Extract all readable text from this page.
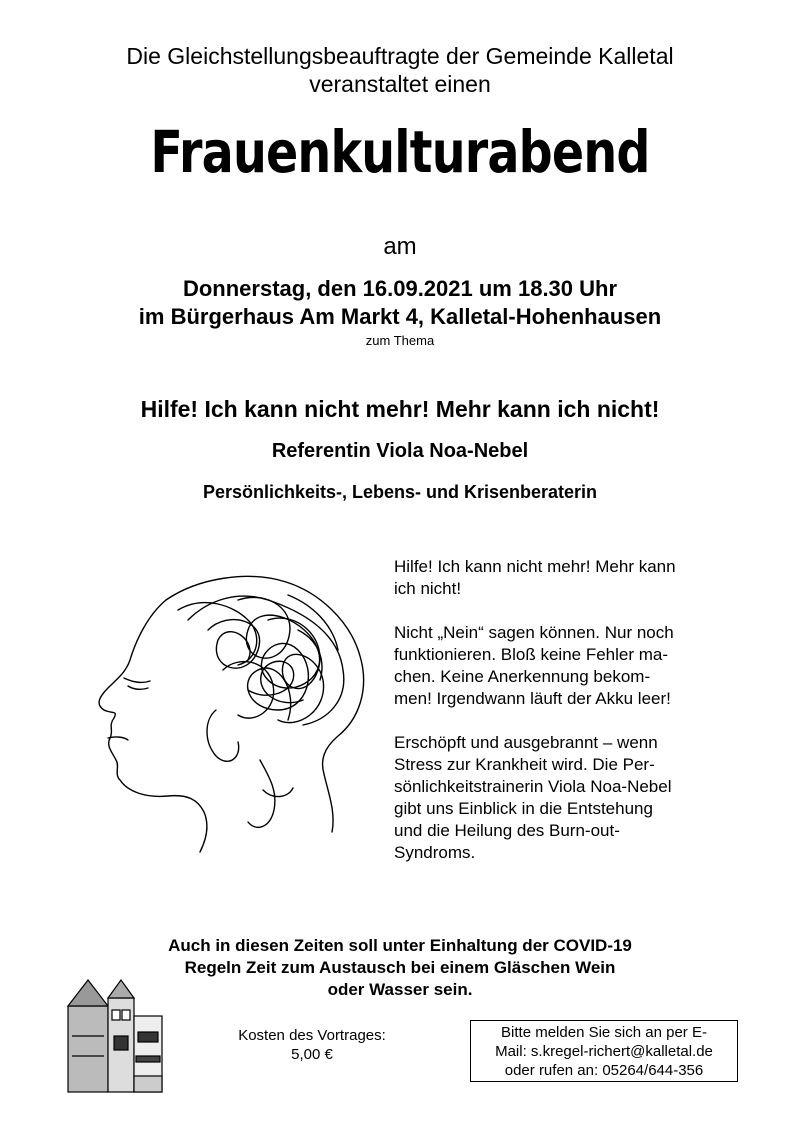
Die Gleichstellungsbeauftragte der Gemeinde Kalletal
veranstaltet einen
Frauenkulturabend
am
Donnerstag, den 16.09.2021 um 18.30 Uhr
im Bürgerhaus Am Markt 4, Kalletal-Hohenhausen
zum Thema
Hilfe! Ich kann nicht mehr! Mehr kann ich nicht!
Referentin Viola Noa-Nebel
Persönlichkeits-, Lebens- und Krisenberaterin

Hilfe! Ich kann nicht mehr! Mehr kann
ich nicht!

Nicht „Nein“ sagen können. Nur noch
funktionieren. Bloß keine Fehler ma-
chen. Keine Anerkennung bekom-
men! Irgendwann läuft der Akku leer!

Erschöpft und ausgebrannt – wenn
Stress zur Krankheit wird. Die Per-
sönlichkeitstrainerin Viola Noa-Nebel
gibt uns Einblick in die Entstehung
und die Heilung des Burn-out-
Syndroms.

Auch in diesen Zeiten soll unter Einhaltung der COVID-19
Regeln Zeit zum Austausch bei einem Gläschen Wein
oder Wasser sein.
Kosten des Vortrages:
5,00 €
Bitte melden Sie sich an per E-
Mail: s.kregel-richert@kalletal.de
oder rufen an: 05264/644-356
